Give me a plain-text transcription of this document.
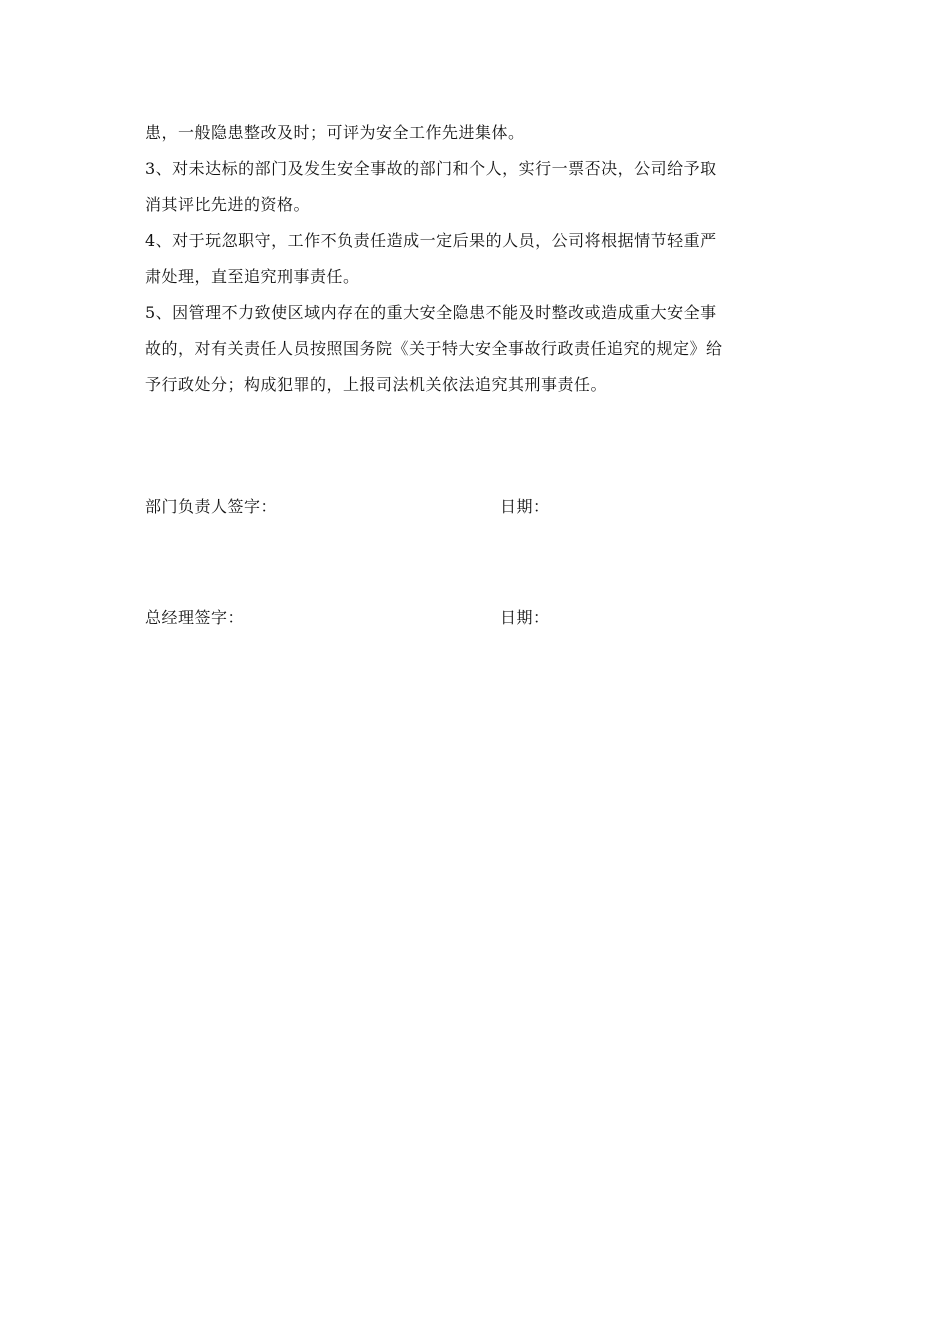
患，一般隐患整改及时；可评为安全工作先进集体。

3、对未达标的部门及发生安全事故的部门和个人，实行一票否决，公司给予取
消其评比先进的资格。

4、对于玩忽职守，工作不负责任造成一定后果的人员，公司将根据情节轻重严
肃处理，直至追究刑事责任。

5、因管理不力致使区域内存在的重大安全隐患不能及时整改或造成重大安全事
故的，对有关责任人员按照国务院《关于特大安全事故行政责任追究的规定》给
予行政处分；构成犯罪的，上报司法机关依法追究其刑事责任。

部门负责人签字：	日期：
总经理签字：	日期：
